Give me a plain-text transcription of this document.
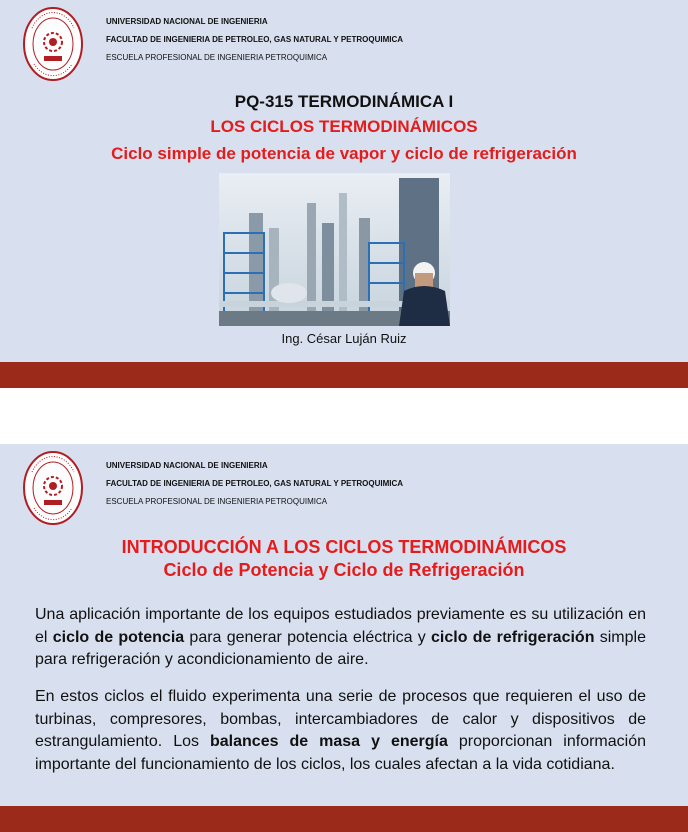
UNIVERSIDAD NACIONAL DE INGENIERIA
FACULTAD DE INGENIERIA DE PETROLEO, GAS NATURAL Y PETROQUIMICA
ESCUELA PROFESIONAL DE INGENIERIA PETROQUIMICA
PQ-315 TERMODINÁMICA I
LOS CICLOS TERMODINÁMICOS
Ciclo simple de potencia de vapor y ciclo de refrigeración
Ing. César Luján Ruiz
UNIVERSIDAD NACIONAL DE INGENIERIA
FACULTAD DE INGENIERIA DE PETROLEO, GAS NATURAL Y PETROQUIMICA
ESCUELA PROFESIONAL DE INGENIERIA PETROQUIMICA
INTRODUCCIÓN A LOS CICLOS TERMODINÁMICOS
Ciclo de Potencia y Ciclo de Refrigeración
Una aplicación importante de los equipos estudiados previamente es su utilización en el ciclo de potencia para generar potencia eléctrica y ciclo de refrigeración simple para refrigeración y acondicionamiento de aire.
En estos ciclos el fluido experimenta una serie de procesos que requieren el uso de turbinas, compresores, bombas, intercambiadores de calor y dispositivos de estrangulamiento. Los balances de masa y energía proporcionan información importante del funcionamiento de los ciclos, los cuales afectan a la vida cotidiana.
